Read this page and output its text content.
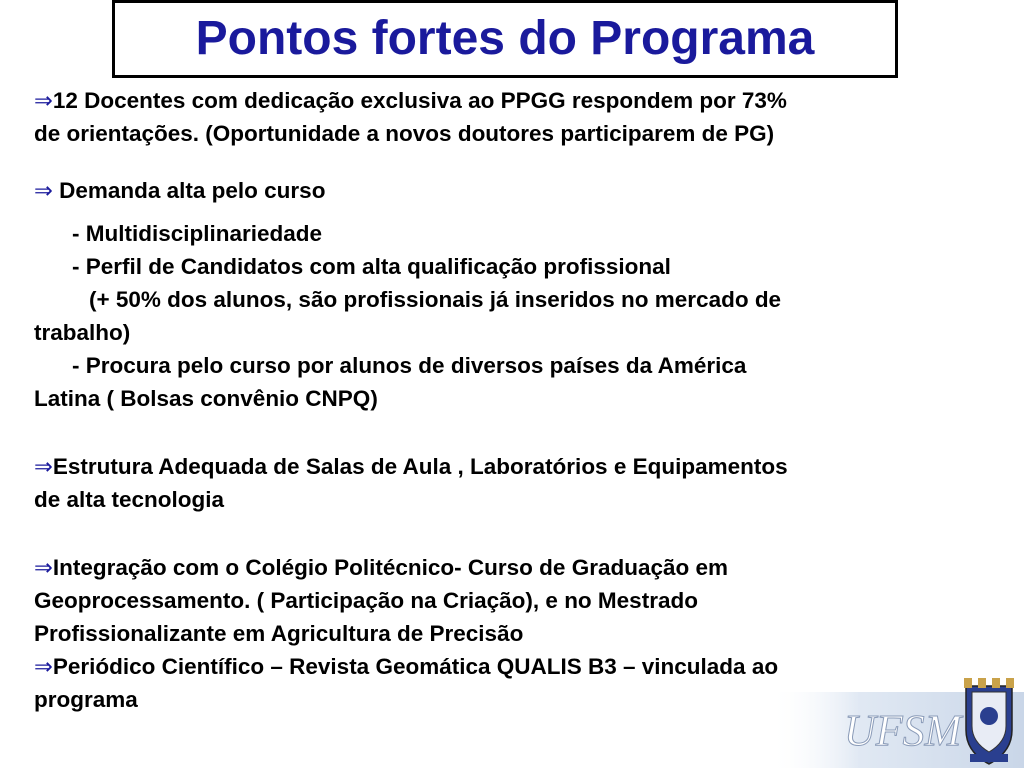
Pontos fortes do Programa
⇒12 Docentes com dedicação exclusiva ao PPGG respondem por 73%
de orientações. (Oportunidade a novos doutores participarem de PG)
⇒ Demanda alta pelo curso
- Multidisciplinariedade
- Perfil de Candidatos com alta qualificação profissional
(+ 50% dos alunos, são profissionais já inseridos no mercado de
trabalho)
- Procura pelo curso por alunos de diversos países da América
Latina ( Bolsas convênio CNPQ)
⇒Estrutura Adequada de Salas de Aula , Laboratórios e Equipamentos
de alta tecnologia
⇒Integração com o Colégio Politécnico- Curso de Graduação em
Geoprocessamento. ( Participação na Criação), e no Mestrado
Profissionalizante em Agricultura de Precisão
⇒Periódico Científico – Revista Geomática QUALIS B3 – vinculada ao
programa
UFSM
